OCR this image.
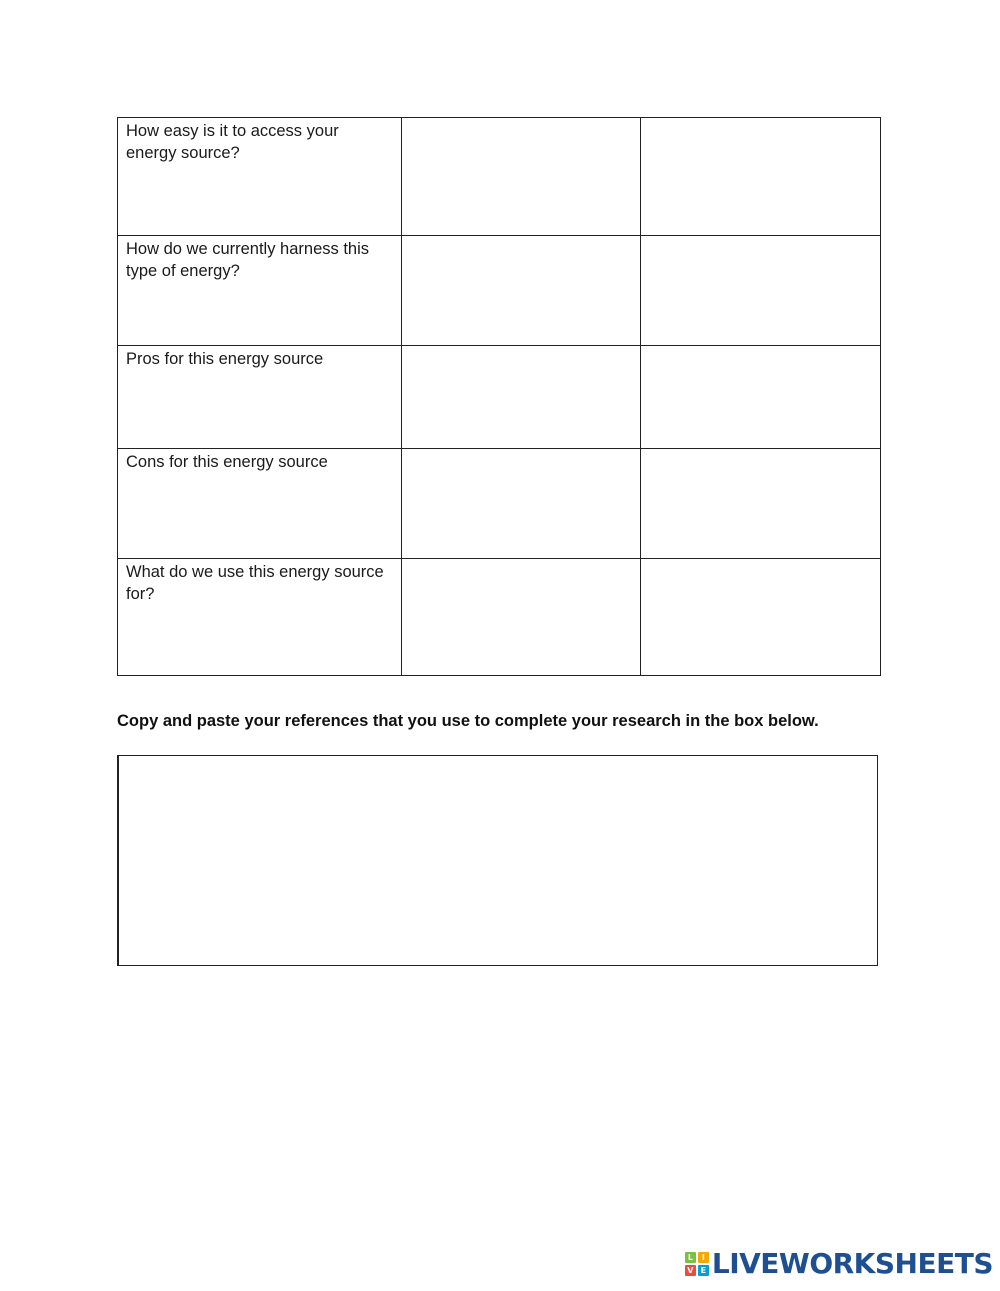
How easy is it to access your energy source?	

How do we currently harness this type of energy?	

Pros for this energy source	

Cons for this energy source	

What do we use this energy source for?	

Copy and paste your references that you use to complete your research in the box below.
L	I
V E LIVEWORKSHEETS
